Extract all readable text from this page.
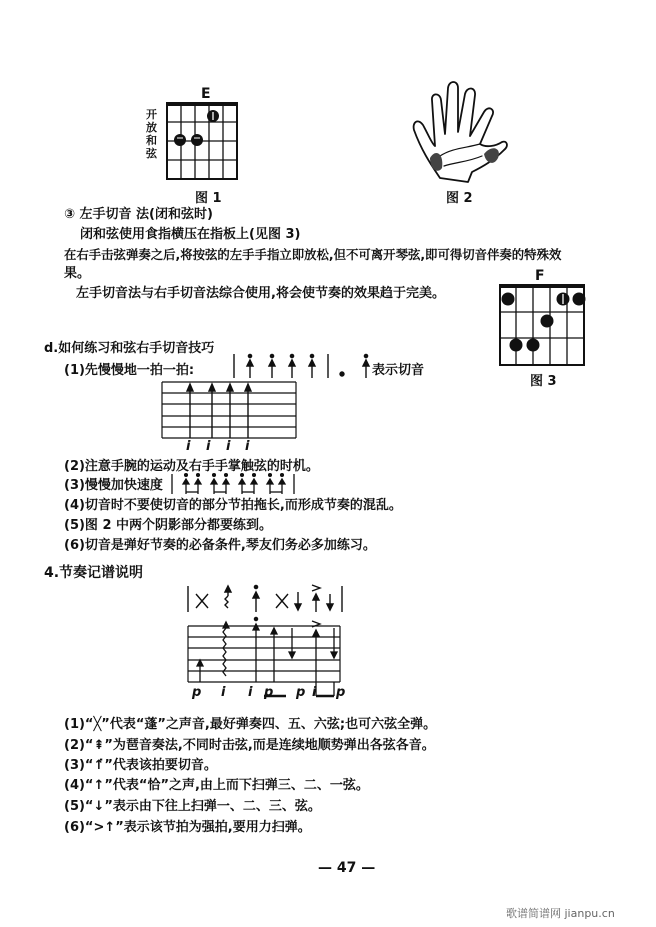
E
开
放
和
弦
图 1	图 2
③ 左手切音 法(闭和弦时)
闭和弦使用食指横压在指板上(见图 3)
在右手击弦弹奏之后,将按弦的左手手指立即放松,但不可离开琴弦,即可得切音伴奏的特殊效
果。
左手切音法与右手切音法综合使用,将会使节奏的效果趋于完美。
F
图 3
d.如何练习和弦右手切音技巧
(1)先慢慢地一拍一拍:	表示切音
i i i i
(2)注意手腕的运动及右手手掌触弦的时机。
(3)慢慢加快速度
(4)切音时不要使切音的部分节拍拖长,而形成节奏的混乱。
(5)图 2 中两个阴影部分都要练到。
(6)切音是弹好节奏的必备条件,琴友们务必多加练习。
4.节奏记谱说明
p i i p p i p
(1)“╳”代表“蓬”之声音,最好弹奏四、五、六弦;也可六弦全弹。
(2)“⇞”为琶音奏法,不同时击弦,而是连续地顺势弹出各弦各音。
(3)“↑̇”代表该拍要切音。
(4)“↑”代表“恰”之声,由上而下扫弹三、二、一弦。
(5)“↓”表示由下往上扫弹一、二、三、弦。
(6)“>↑”表示该节拍为强拍,要用力扫弹。
— 47 —
歌谱简谱网 jianpu.cn
